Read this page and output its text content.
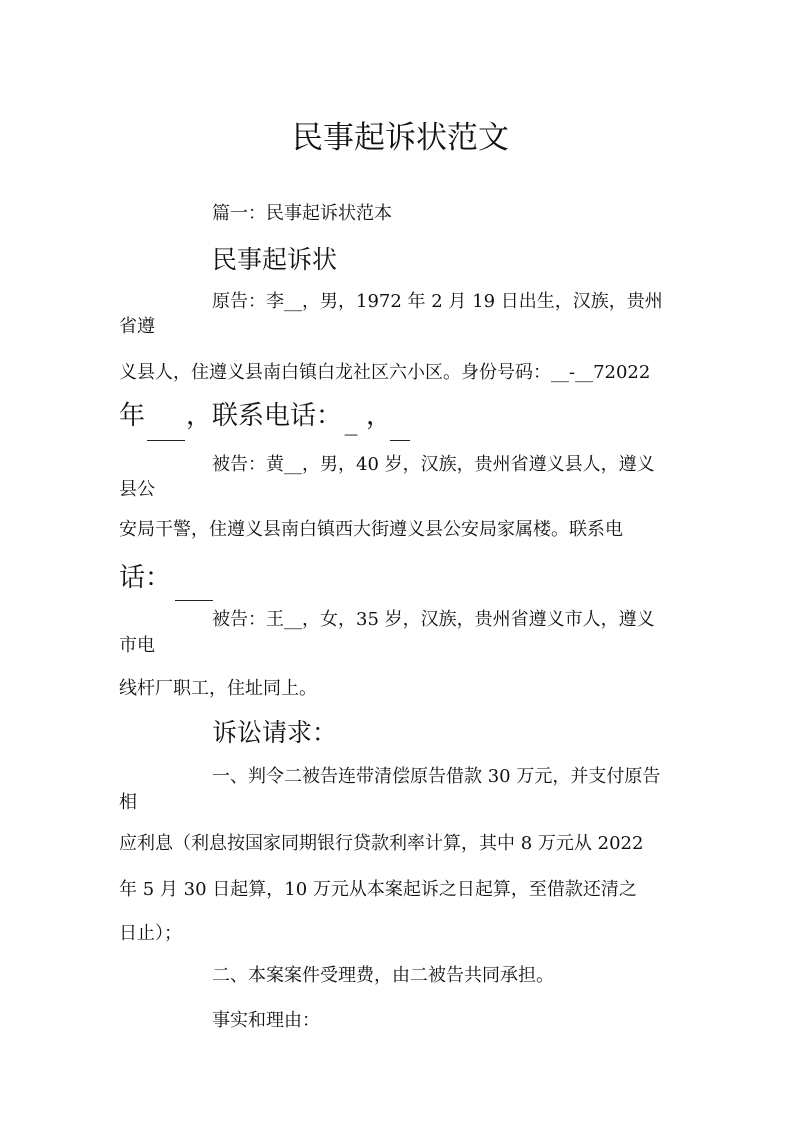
民事起诉状范文
篇一：民事起诉状范本
民事起诉状
原告：李__，男，1972 年 2 月 19 日出生，汉族，贵州
省遵
义县人，住遵义县南白镇白龙社区六小区。身份号码：__-__72022
年 ，联系电话： ，
—
被告：黄__，男，40 岁，汉族，贵州省遵义县人，遵义
县公
安局干警，住遵义县南白镇西大街遵义县公安局家属楼。联系电
话：
被告：王__，女，35 岁，汉族，贵州省遵义市人，遵义
市电
线杆厂职工，住址同上。
诉讼请求：
一、判令二被告连带清偿原告借款 30 万元，并支付原告
相
应利息（利息按国家同期银行贷款利率计算，其中 8 万元从 2022
年 5 月 30 日起算，10 万元从本案起诉之日起算，至借款还清之
日止）；
二、本案案件受理费，由二被告共同承担。
事实和理由：
